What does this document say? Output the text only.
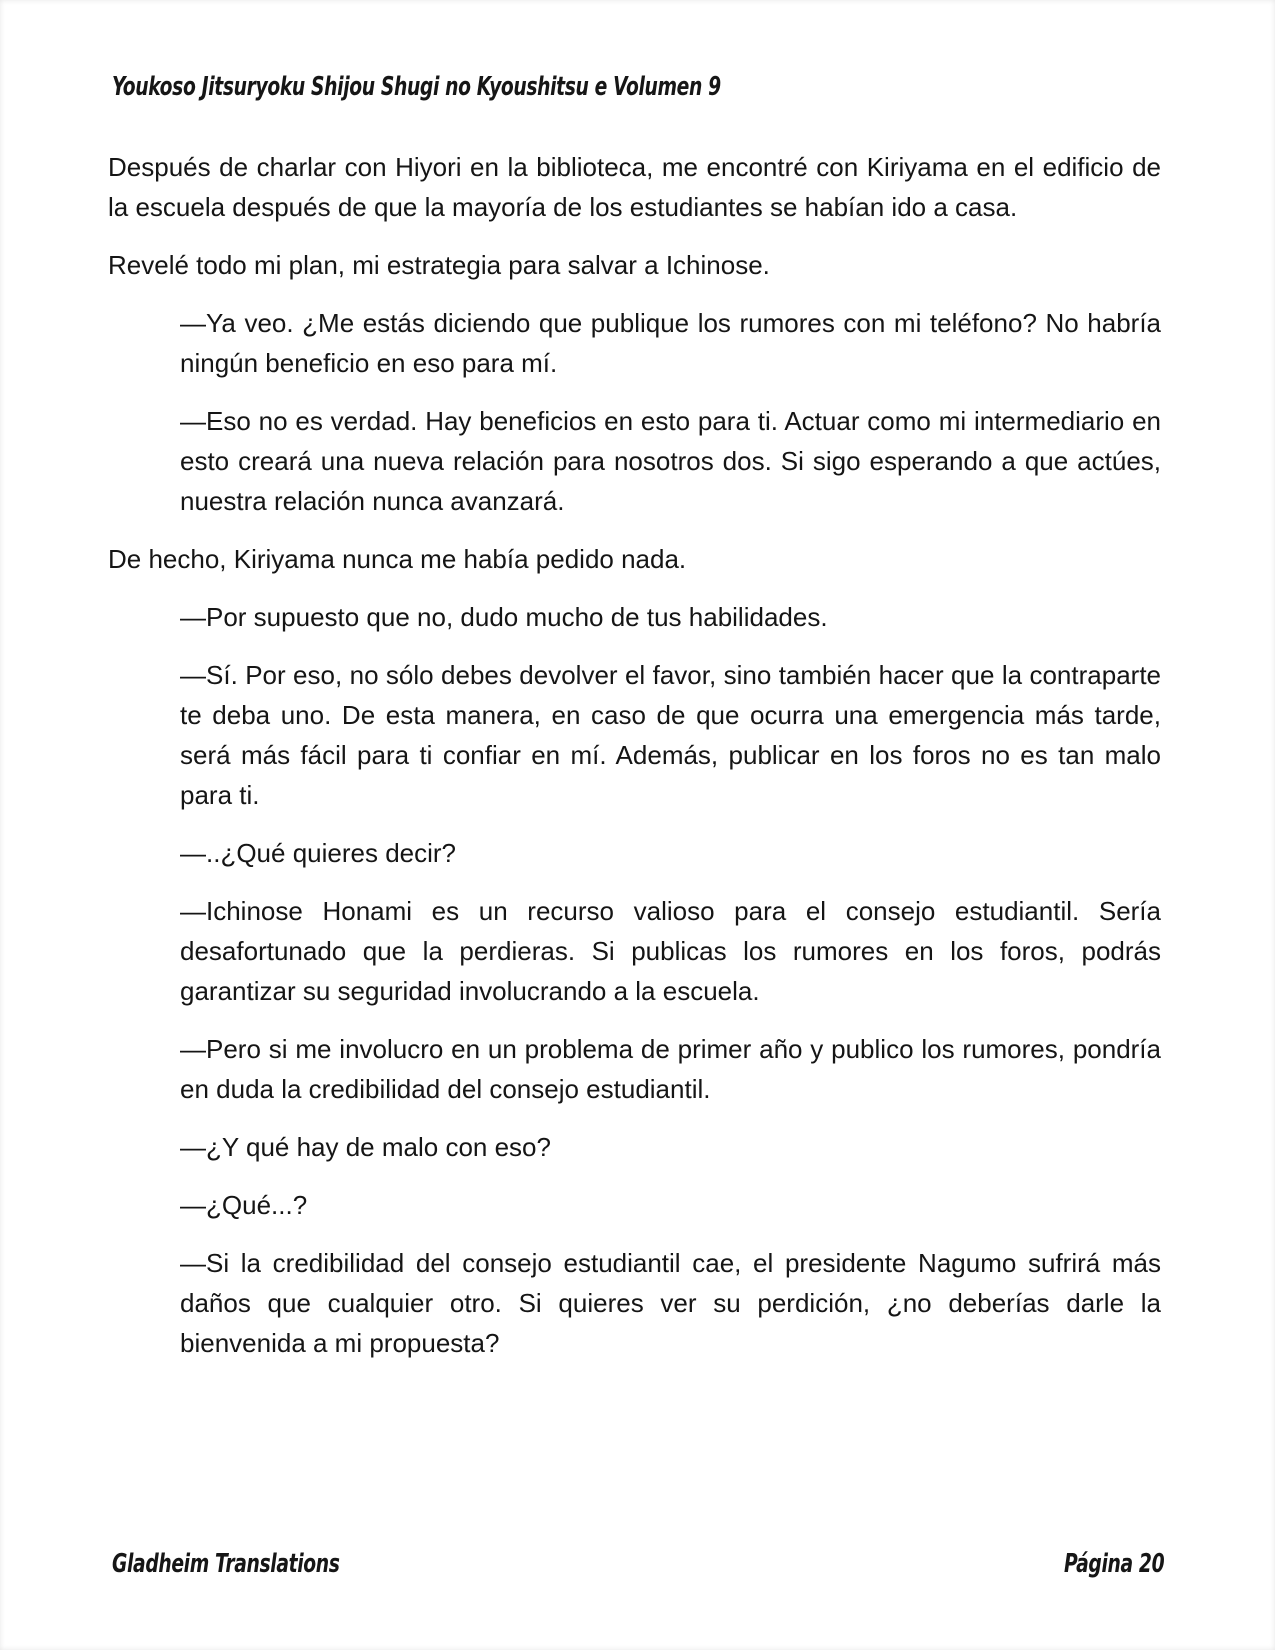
Youkoso Jitsuryoku Shijou Shugi no Kyoushitsu e Volumen 9

Después de charlar con Hiyori en la biblioteca, me encontré con Kiriyama en el edificio de la escuela después de que la mayoría de los estudiantes se habían ido a casa.

Revelé todo mi plan, mi estrategia para salvar a Ichinose.

—Ya veo. ¿Me estás diciendo que publique los rumores con mi teléfono? No habría ningún beneficio en eso para mí.

—Eso no es verdad. Hay beneficios en esto para ti. Actuar como mi intermediario en esto creará una nueva relación para nosotros dos. Si sigo esperando a que actúes, nuestra relación nunca avanzará.

De hecho, Kiriyama nunca me había pedido nada.

—Por supuesto que no, dudo mucho de tus habilidades.

—Sí. Por eso, no sólo debes devolver el favor, sino también hacer que la contraparte te deba uno. De esta manera, en caso de que ocurra una emergencia más tarde, será más fácil para ti confiar en mí. Además, publicar en los foros no es tan malo para ti.

—..¿Qué quieres decir?

—Ichinose Honami es un recurso valioso para el consejo estudiantil. Sería desafortunado que la perdieras. Si publicas los rumores en los foros, podrás garantizar su seguridad involucrando a la escuela.

—Pero si me involucro en un problema de primer año y publico los rumores, pondría en duda la credibilidad del consejo estudiantil.

—¿Y qué hay de malo con eso?

—¿Qué...?

—Si la credibilidad del consejo estudiantil cae, el presidente Nagumo sufrirá más daños que cualquier otro. Si quieres ver su perdición, ¿no deberías darle la bienvenida a mi propuesta?

Gladheim Translations	Página 20
